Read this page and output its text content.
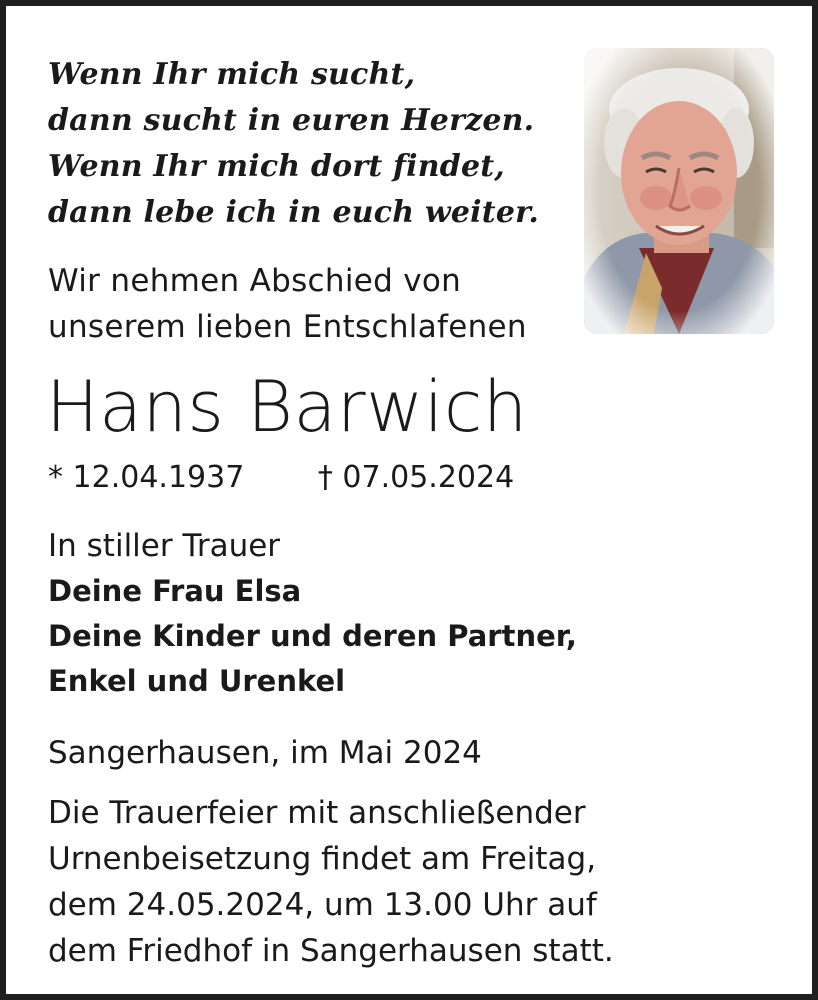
Wenn Ihr mich sucht,
dann sucht in euren Herzen.
Wenn Ihr mich dort findet,
dann lebe ich in euch weiter.
Wir nehmen Abschied von
unserem lieben Entschlafenen
Hans Barwich
* 12.04.1937 † 07.05.2024
In stiller Trauer
Deine Frau Elsa
Deine Kinder und deren Partner,
Enkel und Urenkel
Sangerhausen, im Mai 2024
Die Trauerfeier mit anschließender
Urnenbeisetzung findet am Freitag,
dem 24.05.2024, um 13.00 Uhr auf
dem Friedhof in Sangerhausen statt.
